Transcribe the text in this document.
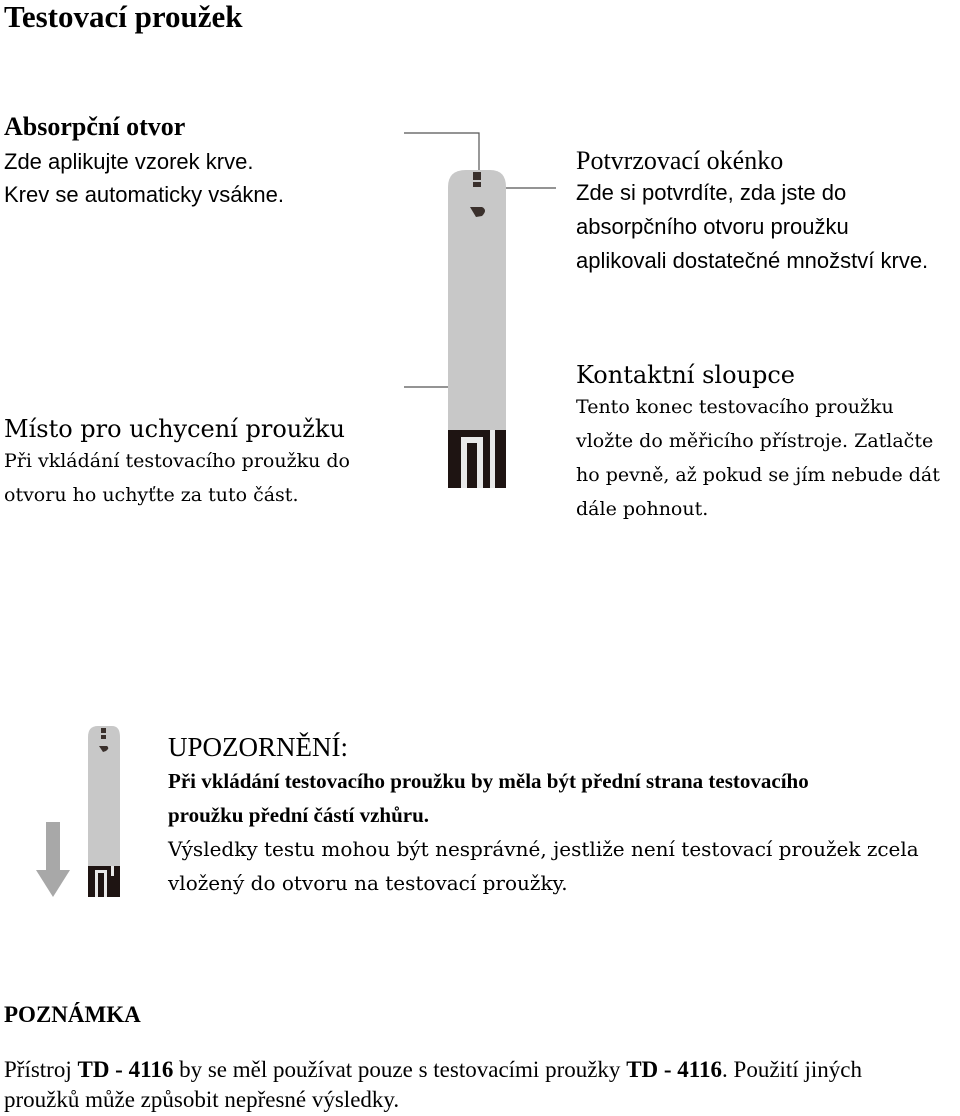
Testovací proužek
Absorpční otvor
Zde aplikujte vzorek krve.
Krev se automaticky vsákne.
Potvrzovací okénko
Zde si potvrdíte, zda jste do
absorpčního otvoru proužku
aplikovali dostatečné množství krve.
Místo pro uchycení proužku
Při vkládání testovacího proužku do
otvoru ho uchyťte za tuto část.
Kontaktní sloupce
Tento konec testovacího proužku
vložte do měřicího přístroje. Zatlačte
ho pevně, až pokud se jím nebude dát
dále pohnout.
UPOZORNĚNÍ:
Při vkládání testovacího proužku by měla být přední strana testovacího
proužku přední částí vzhůru.
Výsledky testu mohou být nesprávné, jestliže není testovací proužek zcela
vložený do otvoru na testovací proužky.
POZNÁMKA
Přístroj TD - 4116 by se měl používat pouze s testovacími proužky TD - 4116. Použití jiných
proužků může způsobit nepřesné výsledky.
